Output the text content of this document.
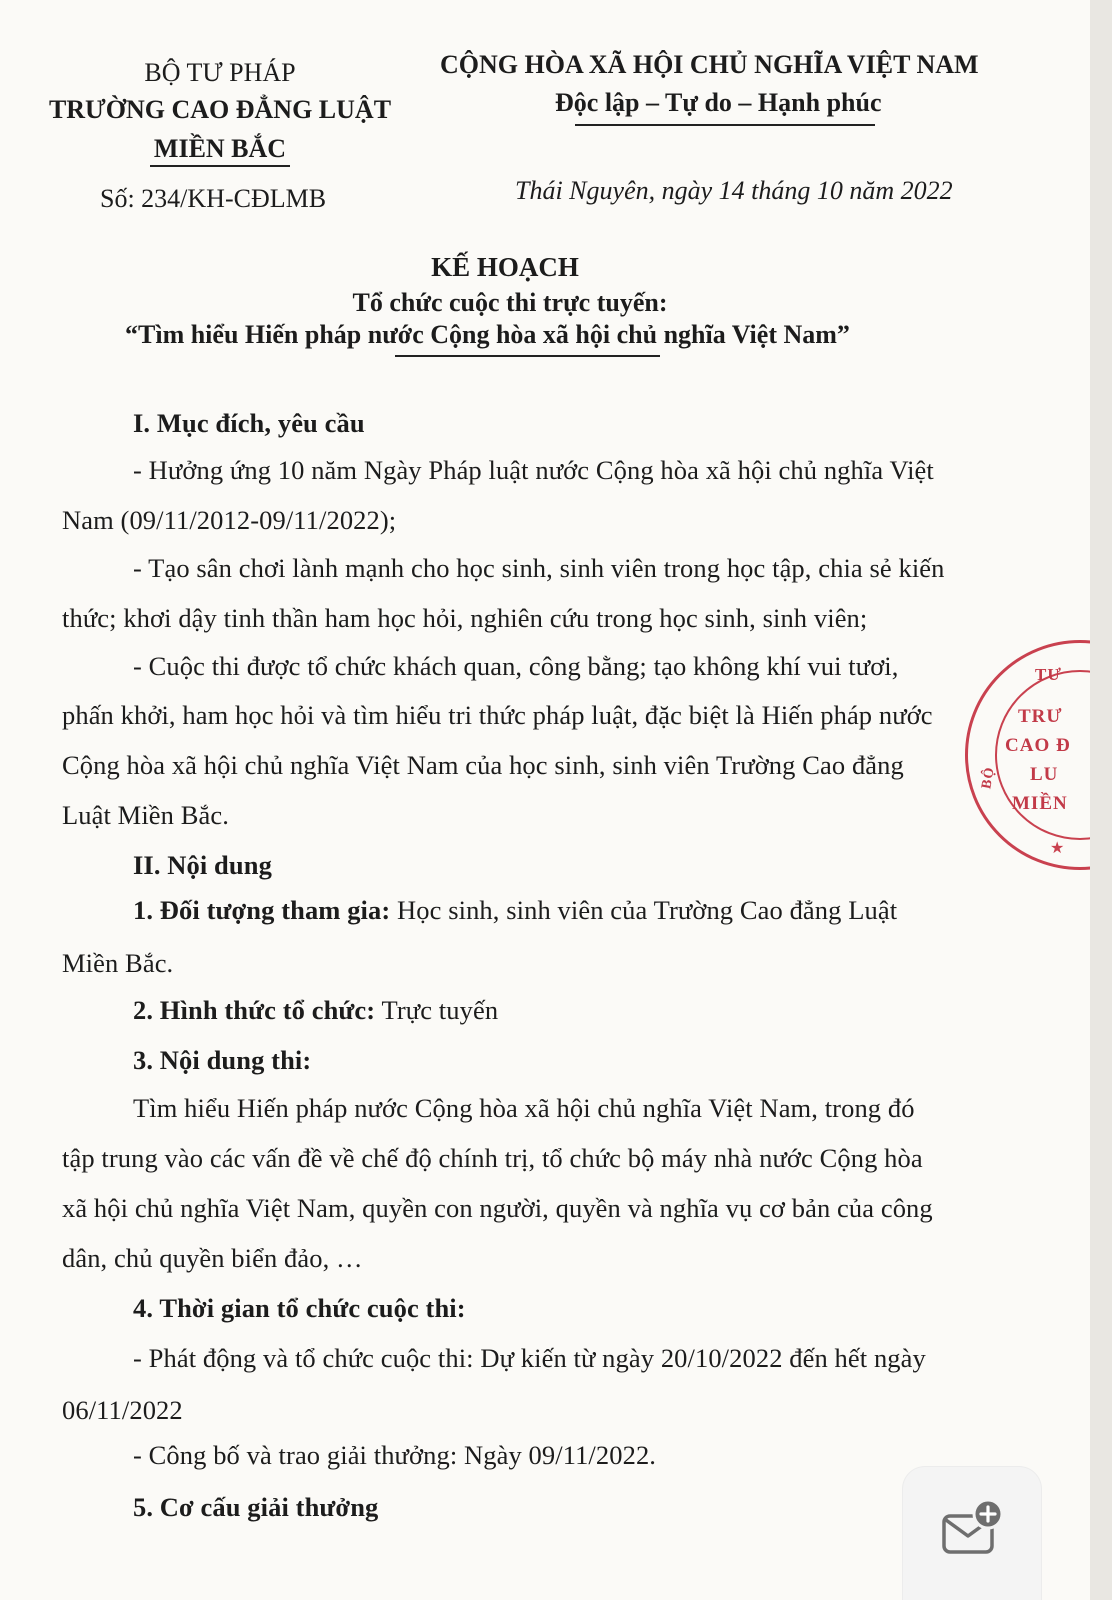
BỘ TƯ PHÁP
TRƯỜNG CAO ĐẲNG LUẬT
MIỀN BẮC
Số: 234/KH-CĐLMB
CỘNG HÒA XÃ HỘI CHỦ NGHĨA VIỆT NAM
Độc lập – Tự do – Hạnh phúc
Thái Nguyên, ngày 14 tháng 10 năm 2022
KẾ HOẠCH
Tổ chức cuộc thi trực tuyến:
“Tìm hiểu Hiến pháp nước Cộng hòa xã hội chủ nghĩa Việt Nam”
I. Mục đích, yêu cầu
- Hưởng ứng 10 năm Ngày Pháp luật nước Cộng hòa xã hội chủ nghĩa Việt
Nam (09/11/2012-09/11/2022);
- Tạo sân chơi lành mạnh cho học sinh, sinh viên trong học tập, chia sẻ kiến
thức; khơi dậy tinh thần ham học hỏi, nghiên cứu trong học sinh, sinh viên;
- Cuộc thi được tổ chức khách quan, công bằng; tạo không khí vui tươi,
phấn khởi, ham học hỏi và tìm hiểu tri thức pháp luật, đặc biệt là Hiến pháp nước
Cộng hòa xã hội chủ nghĩa Việt Nam của học sinh, sinh viên Trường Cao đẳng
Luật Miền Bắc.
II. Nội dung
1. Đối tượng tham gia: Học sinh, sinh viên của Trường Cao đẳng Luật
Miền Bắc.
2. Hình thức tổ chức: Trực tuyến
3. Nội dung thi:
Tìm hiểu Hiến pháp nước Cộng hòa xã hội chủ nghĩa Việt Nam, trong đó
tập trung vào các vấn đề về chế độ chính trị, tổ chức bộ máy nhà nước Cộng hòa
xã hội chủ nghĩa Việt Nam, quyền con người, quyền và nghĩa vụ cơ bản của công
dân, chủ quyền biển đảo, …
4. Thời gian tổ chức cuộc thi:
- Phát động và tổ chức cuộc thi: Dự kiến từ ngày 20/10/2022 đến hết ngày
06/11/2022
- Công bố và trao giải thưởng: Ngày 09/11/2022.
5. Cơ cấu giải thưởng
TƯ
TRƯ
CAO Đ
LU
MIỀN
BỘ
★
